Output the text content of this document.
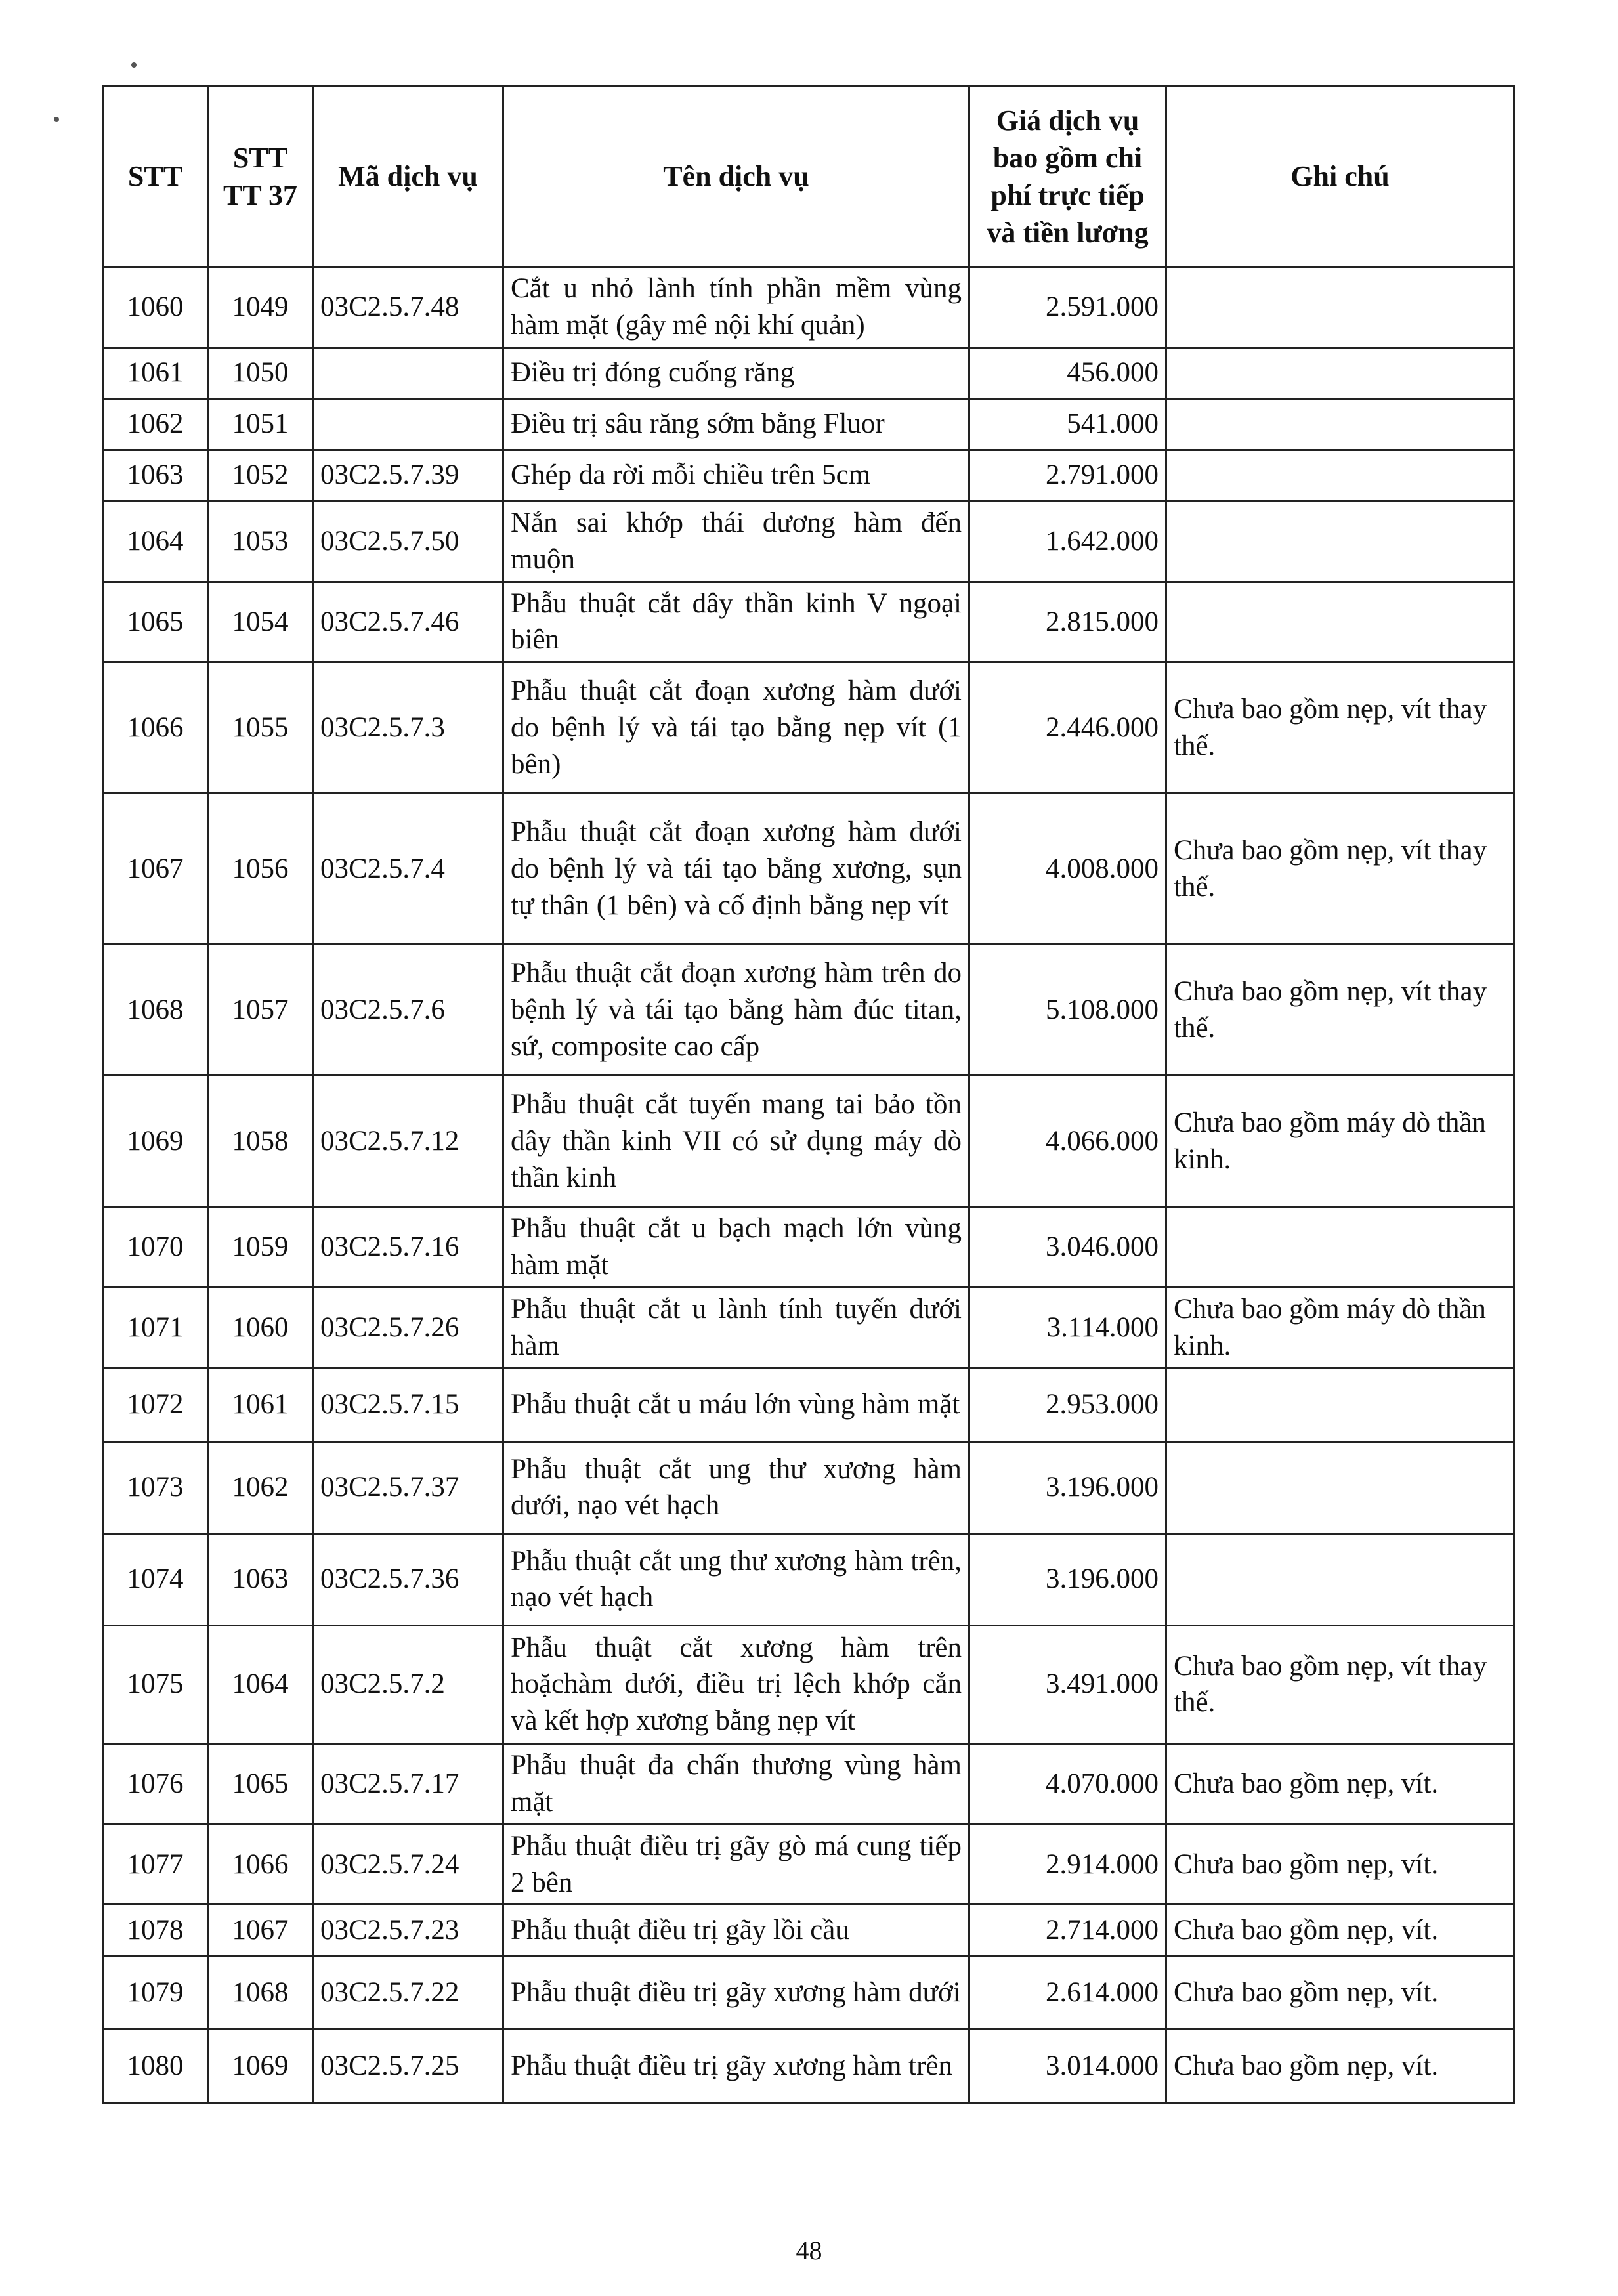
STT	STT TT 37	Mã dịch vụ	Tên dịch vụ	Giá dịch vụ bao gồm chi phí trực tiếp và tiền lương	Ghi chú
1060	1049	03C2.5.7.48	Cắt u nhỏ lành tính phần mềm vùng hàm mặt (gây mê nội khí quản)	2.591.000	
1061	1050		Điều trị đóng cuống răng	456.000	
1062	1051		Điều trị sâu răng sớm bằng Fluor	541.000	
1063	1052	03C2.5.7.39	Ghép da rời mỗi chiều trên 5cm	2.791.000	
1064	1053	03C2.5.7.50	Nắn sai khớp thái dương hàm đến muộn	1.642.000	
1065	1054	03C2.5.7.46	Phẫu thuật cắt dây thần kinh V ngoại biên	2.815.000	
1066	1055	03C2.5.7.3	Phẫu thuật cắt đoạn xương hàm dưới do bệnh lý và tái tạo bằng nẹp vít (1 bên)	2.446.000	Chưa bao gồm nẹp, vít thay thế.
1067	1056	03C2.5.7.4	Phẫu thuật cắt đoạn xương hàm dưới do bệnh lý và tái tạo bằng xương, sụn tự thân (1 bên) và cố định bằng nẹp vít	4.008.000	Chưa bao gồm nẹp, vít thay thế.
1068	1057	03C2.5.7.6	Phẫu thuật cắt đoạn xương hàm trên do bệnh lý và tái tạo bằng hàm đúc titan, sứ, composite cao cấp	5.108.000	Chưa bao gồm nẹp, vít thay thế.
1069	1058	03C2.5.7.12	Phẫu thuật cắt tuyến mang tai bảo tồn dây thần kinh VII có sử dụng máy dò thần kinh	4.066.000	Chưa bao gồm máy dò thần kinh.
1070	1059	03C2.5.7.16	Phẫu thuật cắt u bạch mạch lớn vùng hàm mặt	3.046.000	
1071	1060	03C2.5.7.26	Phẫu thuật cắt u lành tính tuyến dưới hàm	3.114.000	Chưa bao gồm máy dò thần kinh.
1072	1061	03C2.5.7.15	Phẫu thuật cắt u máu lớn vùng hàm mặt	2.953.000	
1073	1062	03C2.5.7.37	Phẫu thuật cắt ung thư xương hàm dưới, nạo vét hạch	3.196.000	
1074	1063	03C2.5.7.36	Phẫu thuật cắt ung thư xương hàm trên, nạo vét hạch	3.196.000	
1075	1064	03C2.5.7.2	Phẫu thuật cắt xương hàm trên hoặchàm dưới, điều trị lệch khớp cắn và kết hợp xương bằng nẹp vít	3.491.000	Chưa bao gồm nẹp, vít thay thế.
1076	1065	03C2.5.7.17	Phẫu thuật đa chấn thương vùng hàm mặt	4.070.000	Chưa bao gồm nẹp, vít.
1077	1066	03C2.5.7.24	Phẫu thuật điều trị gãy gò má cung tiếp 2 bên	2.914.000	Chưa bao gồm nẹp, vít.
1078	1067	03C2.5.7.23	Phẫu thuật điều trị gãy lồi cầu	2.714.000	Chưa bao gồm nẹp, vít.
1079	1068	03C2.5.7.22	Phẫu thuật điều trị gãy xương hàm dưới	2.614.000	Chưa bao gồm nẹp, vít.
1080	1069	03C2.5.7.25	Phẫu thuật điều trị gãy xương hàm trên	3.014.000	Chưa bao gồm nẹp, vít.
48
